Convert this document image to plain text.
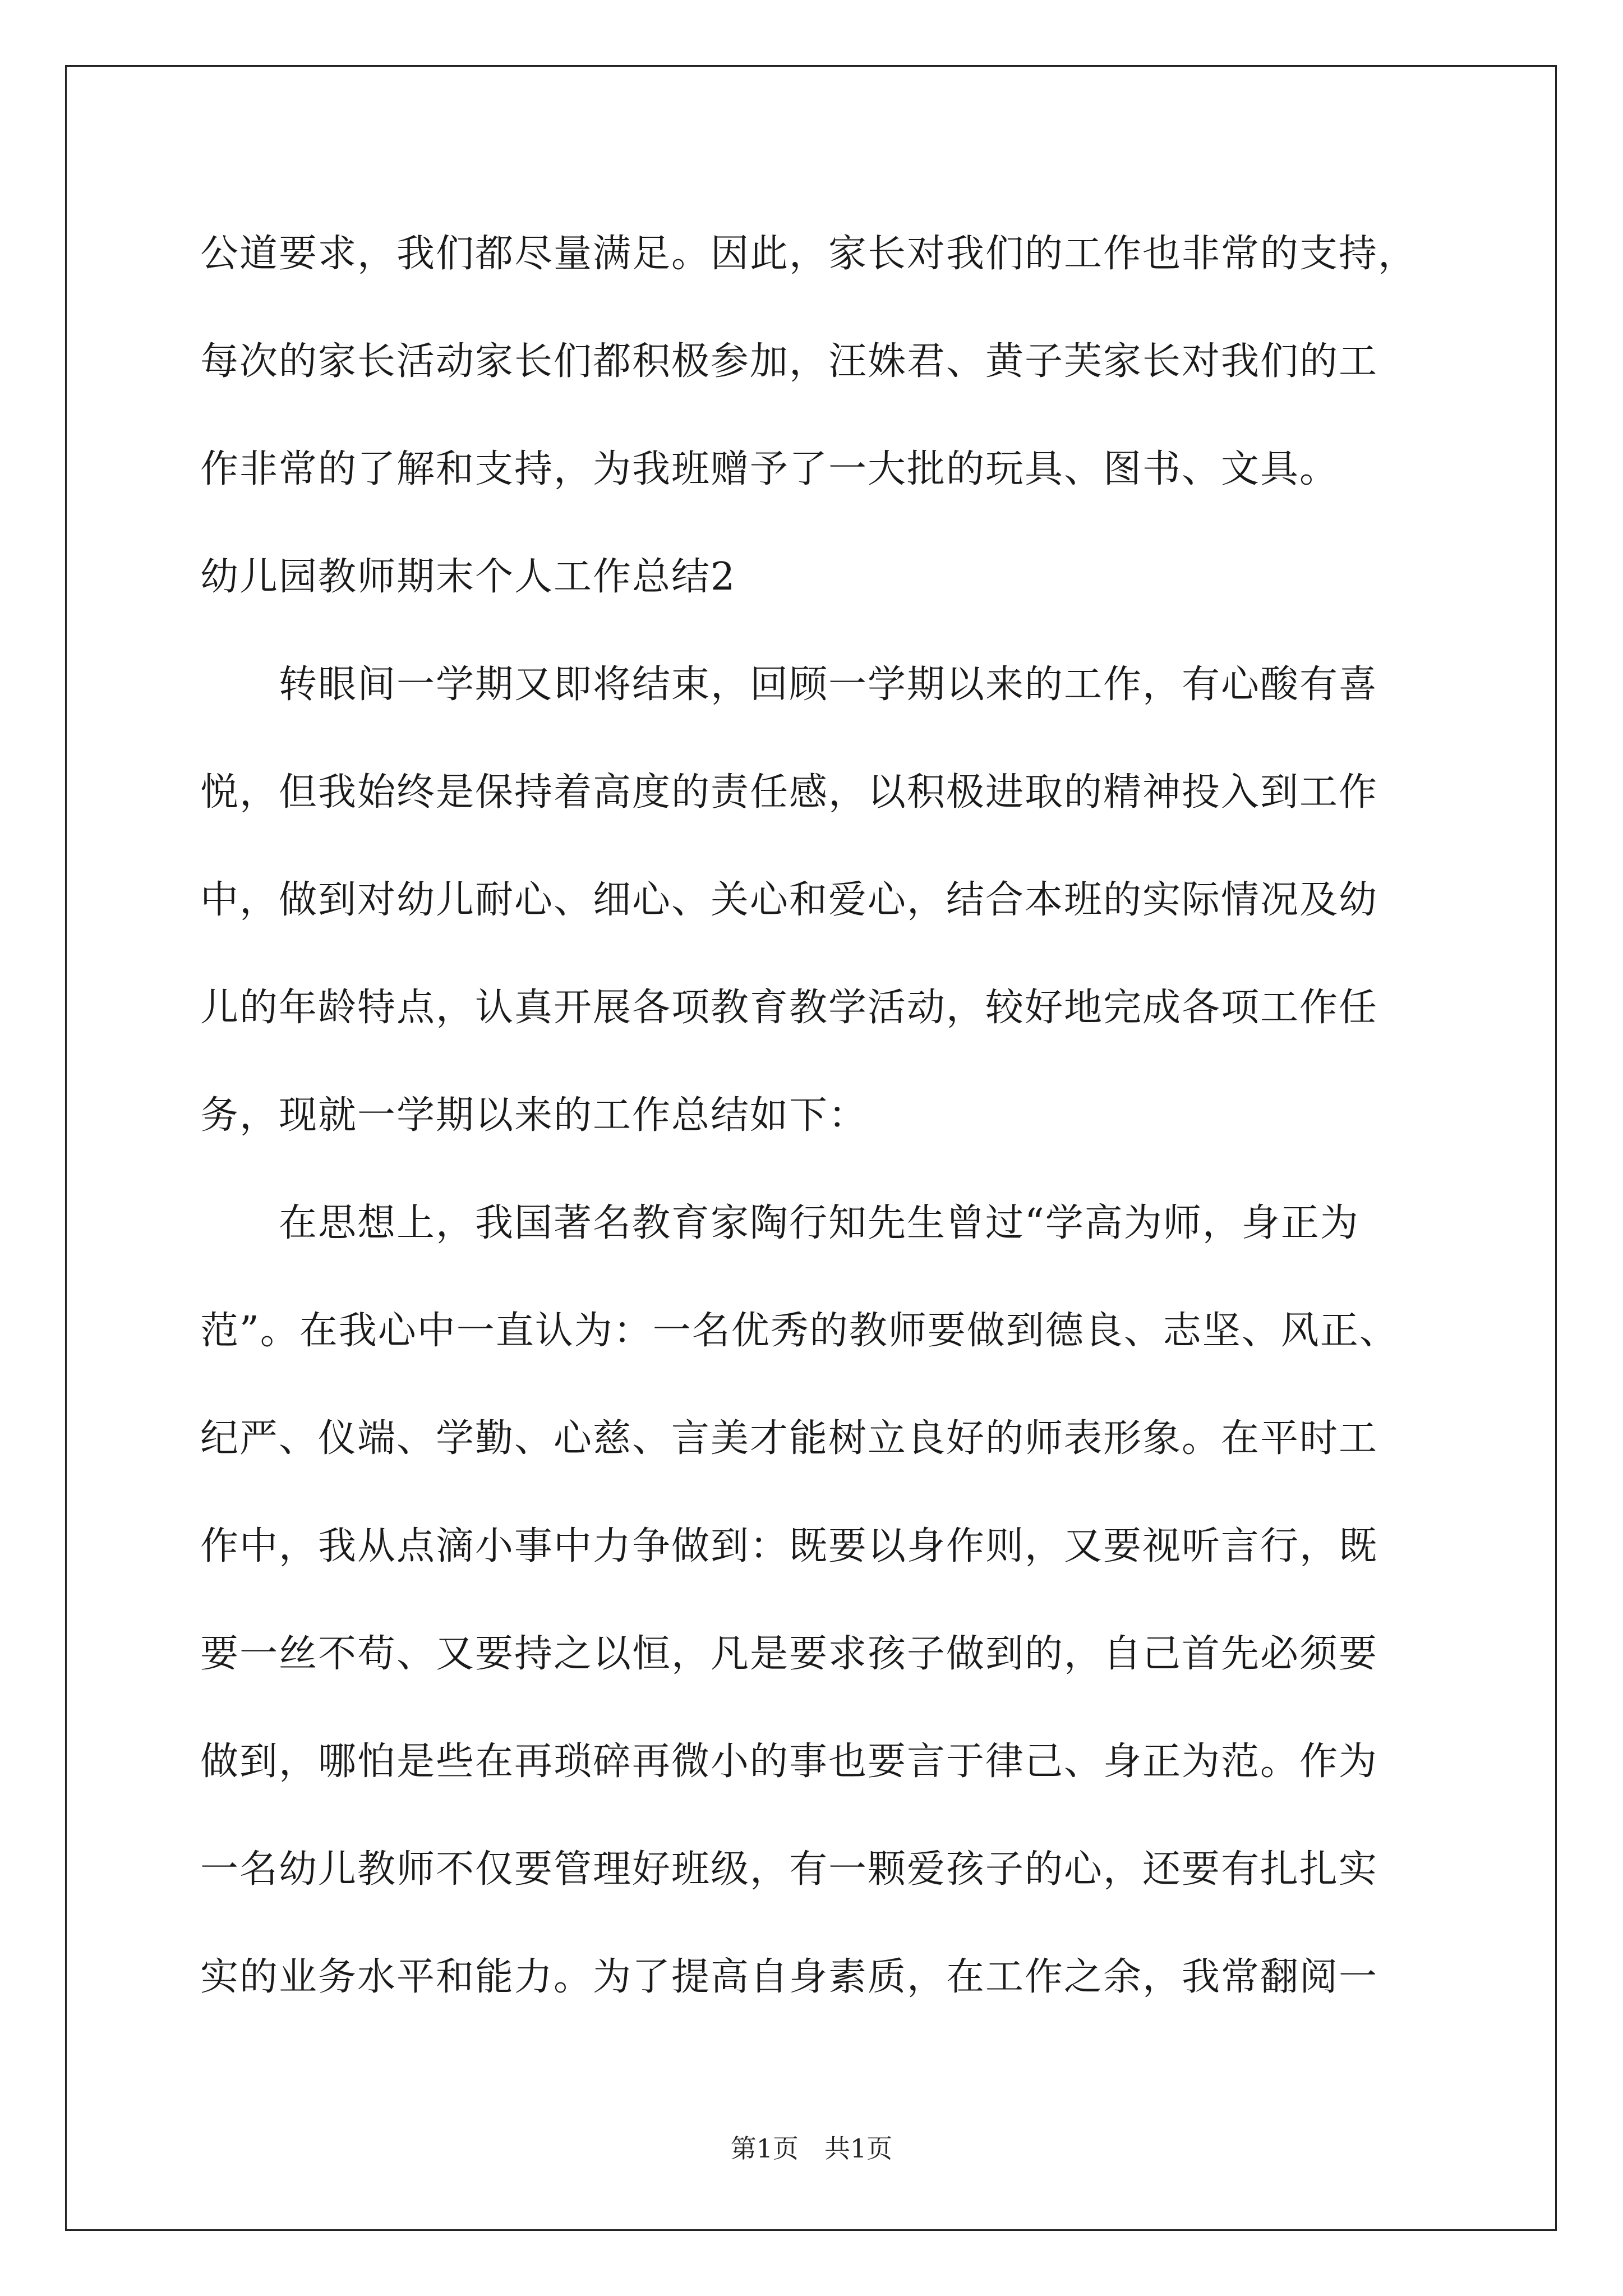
公道要求，我们都尽量满足。因此，家长对我们的工作也非常的支持，
每次的家长活动家长们都积极参加，汪姝君、黄子芙家长对我们的工
作非常的了解和支持，为我班赠予了一大批的玩具、图书、文具。
幼儿园教师期末个人工作总结2
转眼间一学期又即将结束，回顾一学期以来的工作，有心酸有喜
悦，但我始终是保持着高度的责任感，以积极进取的精神投入到工作
中，做到对幼儿耐心、细心、关心和爱心，结合本班的实际情况及幼
儿的年龄特点，认真开展各项教育教学活动，较好地完成各项工作任
务，现就一学期以来的工作总结如下：
在思想上，我国著名教育家陶行知先生曾过“学高为师，身正为
范”。在我心中一直认为：一名优秀的教师要做到德良、志坚、风正、
纪严、仪端、学勤、心慈、言美才能树立良好的师表形象。在平时工
作中，我从点滴小事中力争做到：既要以身作则，又要视听言行，既
要一丝不苟、又要持之以恒，凡是要求孩子做到的，自己首先必须要
做到，哪怕是些在再琐碎再微小的事也要言于律己、身正为范。作为
一名幼儿教师不仅要管理好班级，有一颗爱孩子的心，还要有扎扎实
实的业务水平和能力。为了提高自身素质，在工作之余，我常翻阅一
第1页　共1页
